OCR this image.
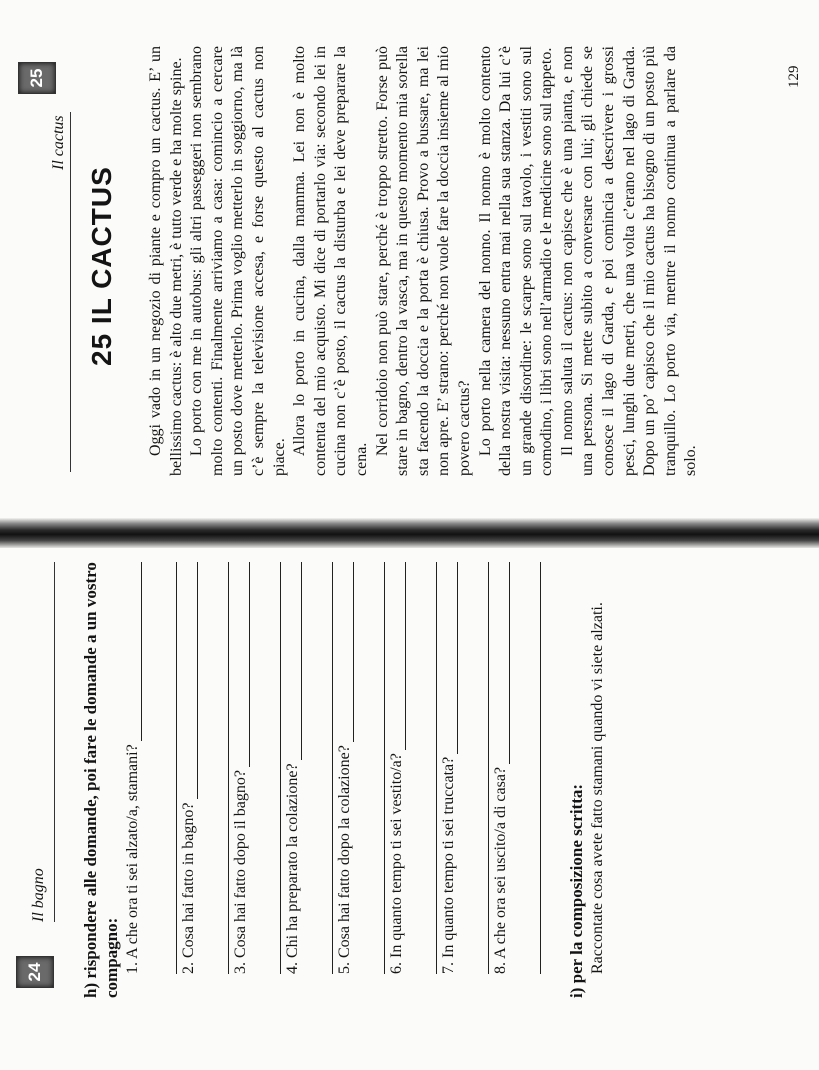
24
Il bagno
h) rispondere alle domande, poi fare le domande a un vostro compagno: 1. A che ora ti sei alzato/a, stamani? 2. Cosa hai fatto in bagno? 3. Cosa hai fatto dopo il bagno? 4. Chi ha preparato la colazione? 5. Cosa hai fatto dopo la colazione? 6. In quanto tempo ti sei vestito/a? 7. In quanto tempo ti sei truccata? 8. A che ora sei uscito/a di casa?
i) per la composizione scritta: Raccontate cosa avete fatto stamani quando vi siete alzati.
25
Il cactus
25 IL CACTUS Oggi vado in un negozio di piante e compro un cactus. E’ un bellissimo cactus: è alto due metri, è tutto verde e ha molte spine. Lo porto con me in autobus: gli altri passeggeri non sembrano molto contenti. Finalmente arriviamo a casa: comincio a cercare un posto dove metterlo. Prima voglio metterlo in soggiorno, ma là c’è sempre la televisione accesa, e forse questo al cactus non piace.

Allora lo porto in cucina, dalla mamma. Lei non è molto contenta del mio acquisto. Mi dice di portarlo via: secondo lei in cucina non c’è posto, il cactus la disturba e lei deve preparare la cena.

Nel corridoio non può stare, perché è troppo stretto. Forse può stare in bagno, dentro la vasca, ma in questo momento mia sorella sta facendo la doccia e la porta è chiusa. Provo a bussare, ma lei non apre. E’ strano: perché non vuole fare la doccia insieme al mio povero cactus? Lo porto nella camera del nonno. Il nonno è molto contento della nostra visita: nessuno entra mai nella sua stanza. Da lui c’è un grande disordine: le scarpe sono sul tavolo, i vestiti sono sul comodino, i libri sono nell’armadio e le medicine sono sul tappeto. Il nonno saluta il cactus: non capisce che è una pianta, e non una persona. Si mette subito a conversare con lui; gli chiede se conosce il lago di Garda, e poi comincia a descrivere i grossi pesci, lunghi due metri, che una volta c’erano nel lago di Garda. Dopo un po’ capisco che il mio cactus ha bisogno di un posto più tranquillo. Lo porto via, mentre il nonno continua a parlare da solo.

129
